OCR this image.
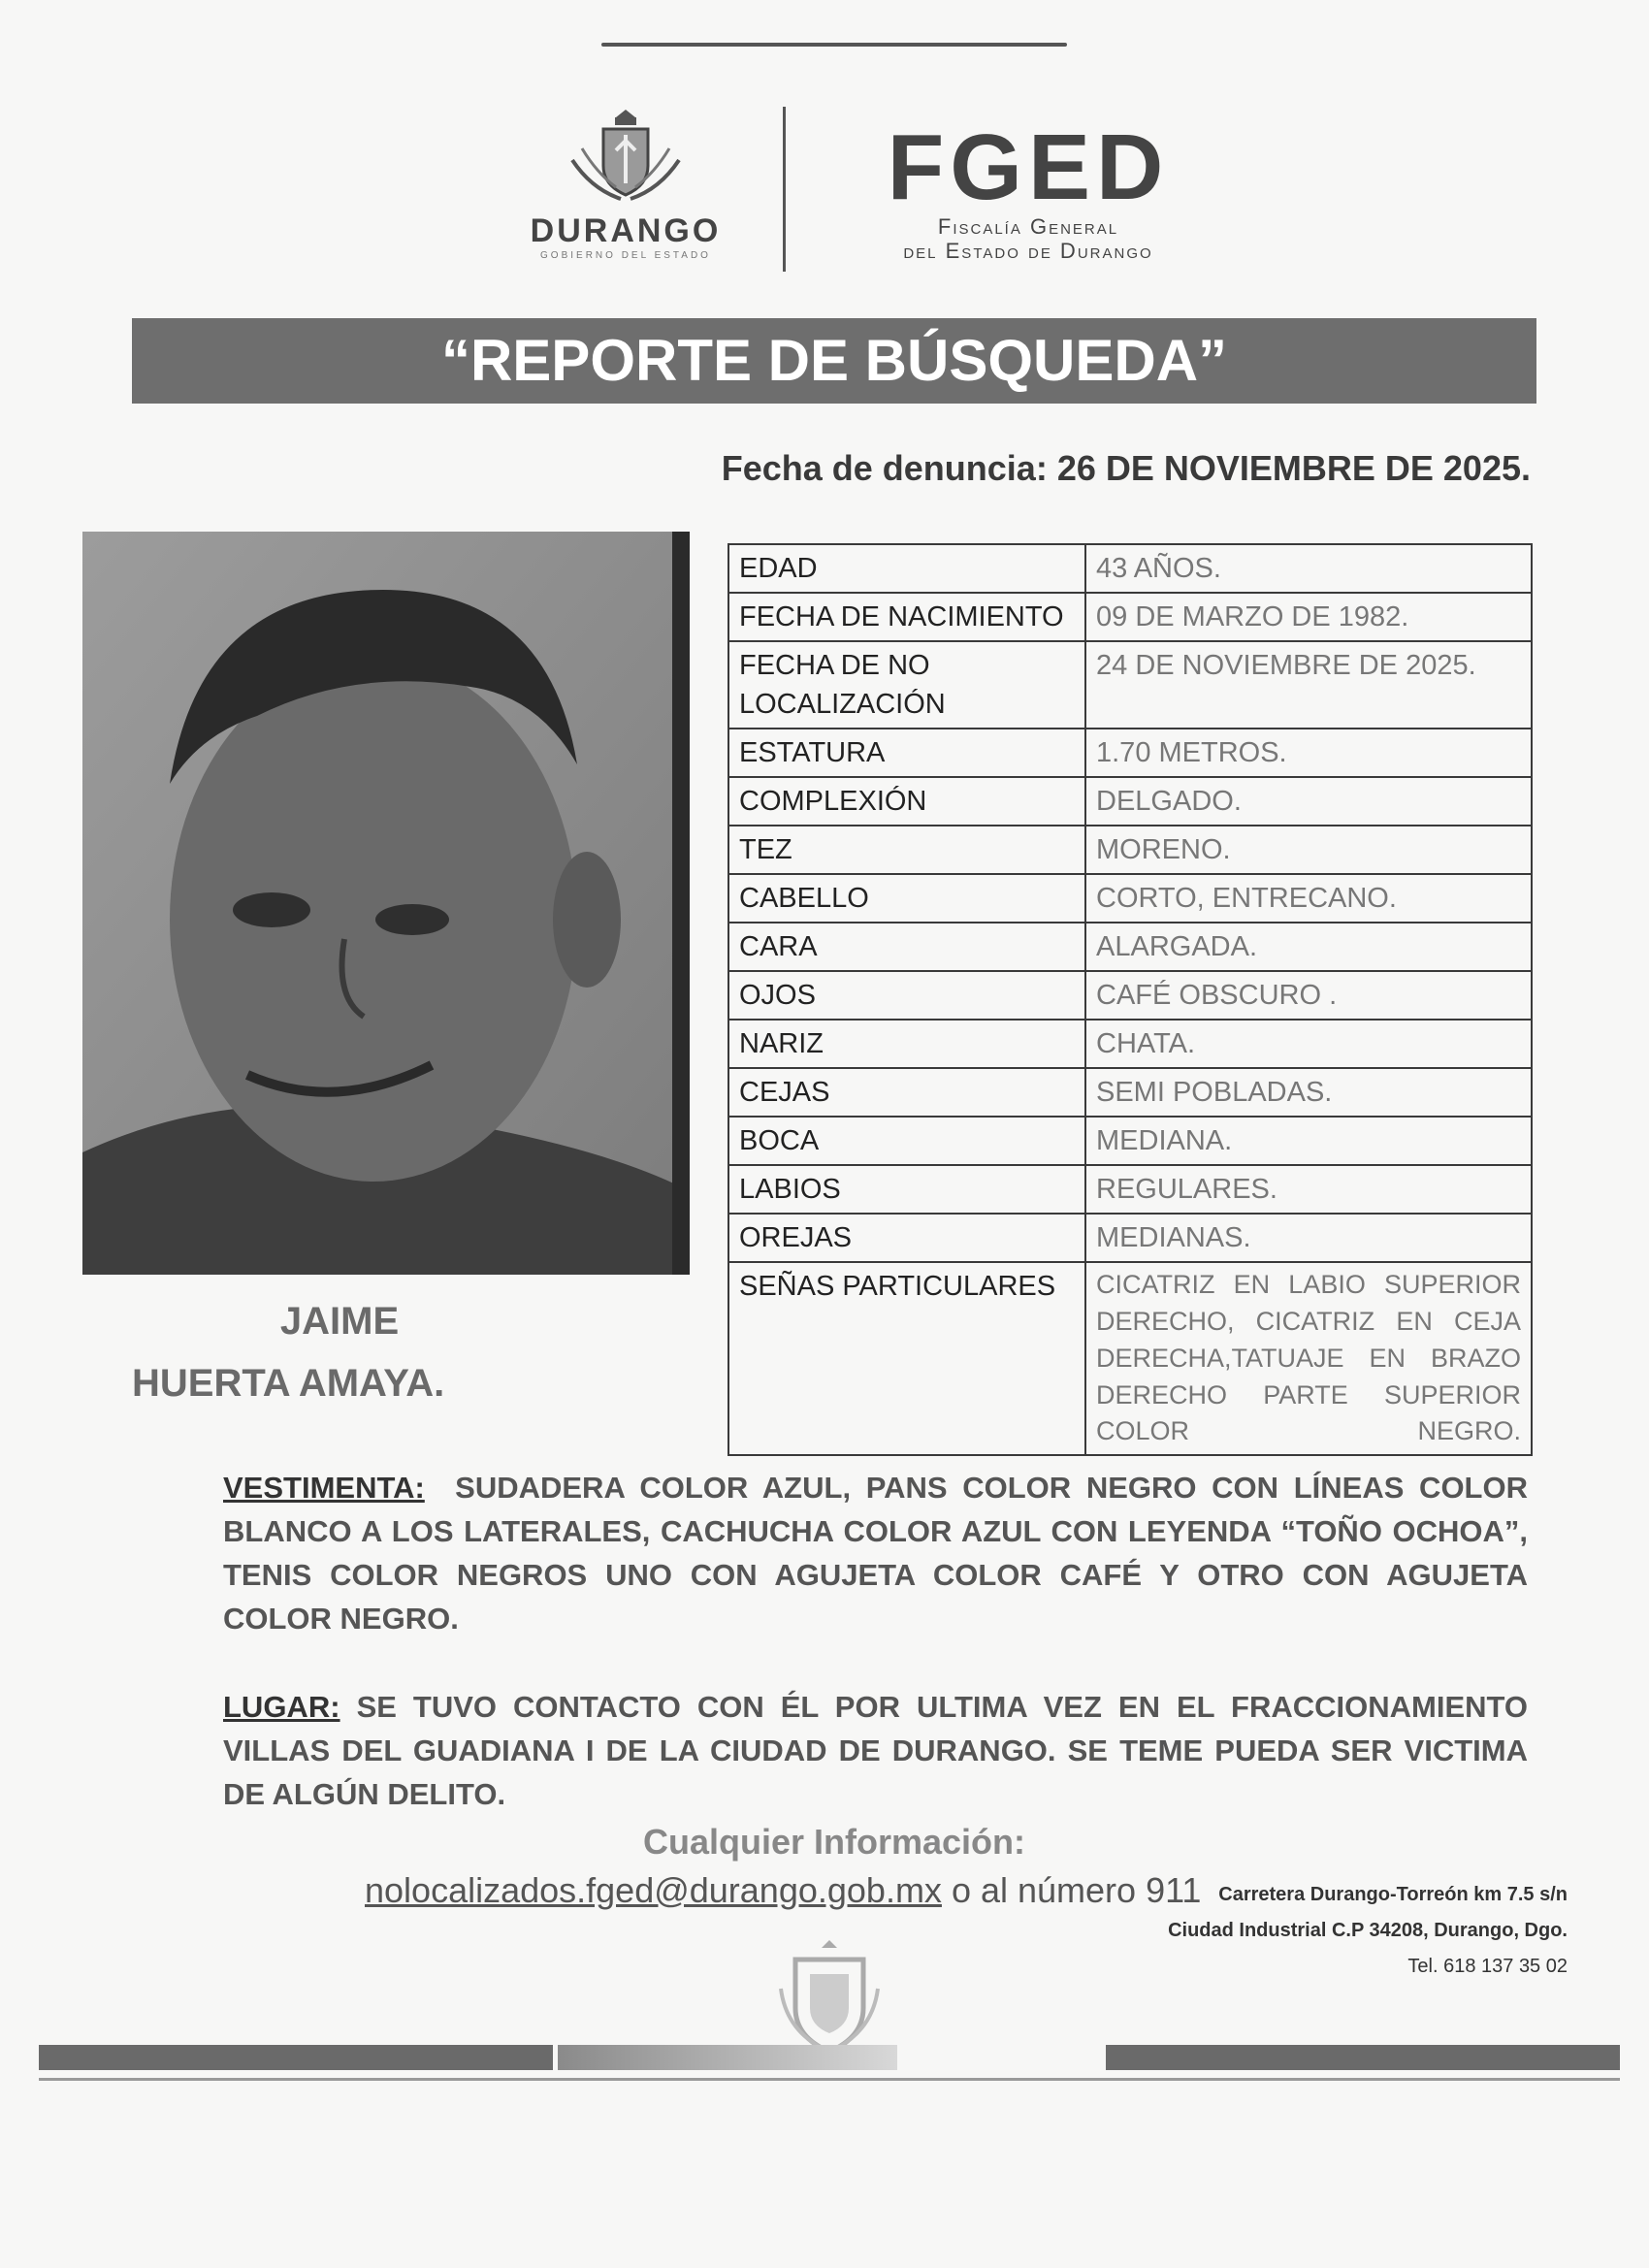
DURANGO
GOBIERNO DEL ESTADO
FGED
Fiscalía General
del Estado de Durango
“REPORTE DE BÚSQUEDA”
Fecha de denuncia: 26 DE NOVIEMBRE DE 2025.
JAIME
HUERTA AMAYA.
EDAD	43 AÑOS.
FECHA DE NACIMIENTO	09 DE MARZO DE 1982.
FECHA DE NO LOCALIZACIÓN	24 DE NOVIEMBRE DE 2025.
ESTATURA	1.70 METROS.
COMPLEXIÓN	DELGADO.
TEZ	MORENO.
CABELLO	CORTO, ENTRECANO.
CARA	ALARGADA.
OJOS	CAFÉ OBSCURO .
NARIZ	CHATA.
CEJAS	SEMI POBLADAS.
BOCA	MEDIANA.
LABIOS	REGULARES.
OREJAS	MEDIANAS.
SEÑAS PARTICULARES	CICATRIZ EN LABIO SUPERIOR DERECHO, CICATRIZ EN CEJA DERECHA,TATUAJE EN BRAZO DERECHO PARTE SUPERIOR COLOR NEGRO.
VESTIMENTA: SUDADERA COLOR AZUL, PANS COLOR NEGRO CON LÍNEAS COLOR BLANCO A LOS LATERALES, CACHUCHA COLOR AZUL CON LEYENDA “TOÑO OCHOA”, TENIS COLOR NEGROS UNO CON AGUJETA COLOR CAFÉ Y OTRO CON AGUJETA COLOR NEGRO.
LUGAR: SE TUVO CONTACTO CON ÉL POR ULTIMA VEZ EN EL FRACCIONAMIENTO VILLAS DEL GUADIANA I DE LA CIUDAD DE DURANGO. SE TEME PUEDA SER VICTIMA DE ALGÚN DELITO.
Cualquier Información:
nolocalizados.fged@durango.gob.mx o al número 911 Carretera Durango-Torreón km 7.5 s/n
Ciudad Industrial C.P 34208, Durango, Dgo.
Tel. 618 137 35 02
